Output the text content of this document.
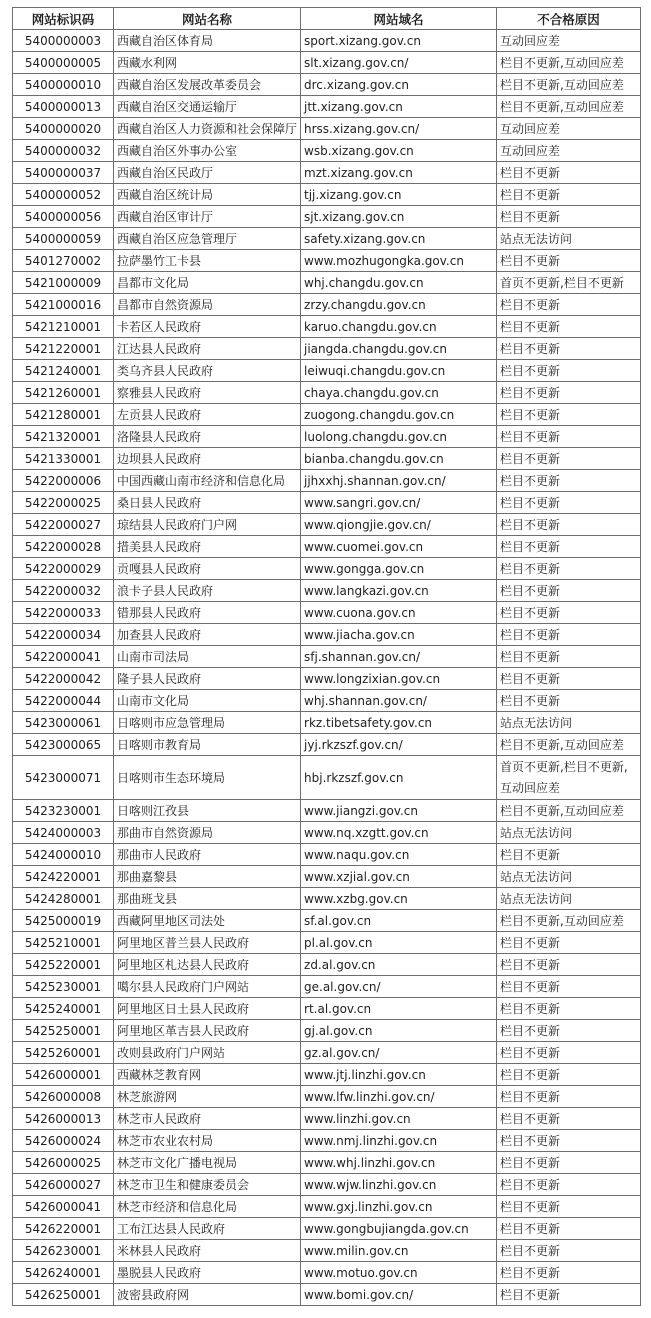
网站标识码	网站名称	网站域名	不合格原因
5400000003	西藏自治区体育局	sport.xizang.gov.cn	互动回应差
5400000005	西藏水利网	slt.xizang.gov.cn/	栏目不更新,互动回应差
5400000010	西藏自治区发展改革委员会	drc.xizang.gov.cn	栏目不更新,互动回应差
5400000013	西藏自治区交通运输厅	jtt.xizang.gov.cn	栏目不更新,互动回应差
5400000020	西藏自治区人力资源和社会保障厅	hrss.xizang.gov.cn/	互动回应差
5400000032	西藏自治区外事办公室	wsb.xizang.gov.cn	互动回应差
5400000037	西藏自治区民政厅	mzt.xizang.gov.cn	栏目不更新
5400000052	西藏自治区统计局	tjj.xizang.gov.cn	栏目不更新
5400000056	西藏自治区审计厅	sjt.xizang.gov.cn	栏目不更新
5400000059	西藏自治区应急管理厅	safety.xizang.gov.cn	站点无法访问
5401270002	拉萨墨竹工卡县	www.mozhugongka.gov.cn	栏目不更新
5421000009	昌都市文化局	whj.changdu.gov.cn	首页不更新,栏目不更新
5421000016	昌都市自然资源局	zrzy.changdu.gov.cn	栏目不更新
5421210001	卡若区人民政府	karuo.changdu.gov.cn	栏目不更新
5421220001	江达县人民政府	jiangda.changdu.gov.cn	栏目不更新
5421240001	类乌齐县人民政府	leiwuqi.changdu.gov.cn	栏目不更新
5421260001	察雅县人民政府	chaya.changdu.gov.cn	栏目不更新
5421280001	左贡县人民政府	zuogong.changdu.gov.cn	栏目不更新
5421320001	洛隆县人民政府	luolong.changdu.gov.cn	栏目不更新
5421330001	边坝县人民政府	bianba.changdu.gov.cn	栏目不更新
5422000006	中国西藏山南市经济和信息化局	jjhxxhj.shannan.gov.cn/	栏目不更新
5422000025	桑日县人民政府	www.sangri.gov.cn/	栏目不更新
5422000027	琼结县人民政府门户网	www.qiongjie.gov.cn/	栏目不更新
5422000028	措美县人民政府	www.cuomei.gov.cn	栏目不更新
5422000029	贡嘎县人民政府	www.gongga.gov.cn	栏目不更新
5422000032	浪卡子县人民政府	www.langkazi.gov.cn	栏目不更新
5422000033	错那县人民政府	www.cuona.gov.cn	栏目不更新
5422000034	加查县人民政府	www.jiacha.gov.cn	栏目不更新
5422000041	山南市司法局	sfj.shannan.gov.cn/	栏目不更新
5422000042	隆子县人民政府	www.longzixian.gov.cn	栏目不更新
5422000044	山南市文化局	whj.shannan.gov.cn/	栏目不更新
5423000061	日喀则市应急管理局	rkz.tibetsafety.gov.cn	站点无法访问
5423000065	日喀则市教育局	jyj.rkzszf.gov.cn/	栏目不更新,互动回应差
5423000071	日喀则市生态环境局	hbj.rkzszf.gov.cn	首页不更新,栏目不更新,互动回应差
5423230001	日喀则江孜县	www.jiangzi.gov.cn	栏目不更新,互动回应差
5424000003	那曲市自然资源局	www.nq.xzgtt.gov.cn	站点无法访问
5424000010	那曲市人民政府	www.naqu.gov.cn	栏目不更新
5424220001	那曲嘉黎县	www.xzjial.gov.cn	站点无法访问
5424280001	那曲班戈县	www.xzbg.gov.cn	站点无法访问
5425000019	西藏阿里地区司法处	sf.al.gov.cn	栏目不更新,互动回应差
5425210001	阿里地区普兰县人民政府	pl.al.gov.cn	栏目不更新
5425220001	阿里地区札达县人民政府	zd.al.gov.cn	栏目不更新
5425230001	噶尔县人民政府门户网站	ge.al.gov.cn/	栏目不更新
5425240001	阿里地区日土县人民政府	rt.al.gov.cn	栏目不更新
5425250001	阿里地区革吉县人民政府	gj.al.gov.cn	栏目不更新
5425260001	改则县政府门户网站	gz.al.gov.cn/	栏目不更新
5426000001	西藏林芝教育网	www.jtj.linzhi.gov.cn	栏目不更新
5426000008	林芝旅游网	www.lfw.linzhi.gov.cn/	栏目不更新
5426000013	林芝市人民政府	www.linzhi.gov.cn	栏目不更新
5426000024	林芝市农业农村局	www.nmj.linzhi.gov.cn	栏目不更新
5426000025	林芝市文化广播电视局	www.whj.linzhi.gov.cn	栏目不更新
5426000027	林芝市卫生和健康委员会	www.wjw.linzhi.gov.cn	栏目不更新
5426000041	林芝市经济和信息化局	www.gxj.linzhi.gov.cn	栏目不更新
5426220001	工布江达县人民政府	www.gongbujiangda.gov.cn	栏目不更新
5426230001	米林县人民政府	www.milin.gov.cn	栏目不更新
5426240001	墨脱县人民政府	www.motuo.gov.cn	栏目不更新
5426250001	波密县政府网	www.bomi.gov.cn/	栏目不更新
